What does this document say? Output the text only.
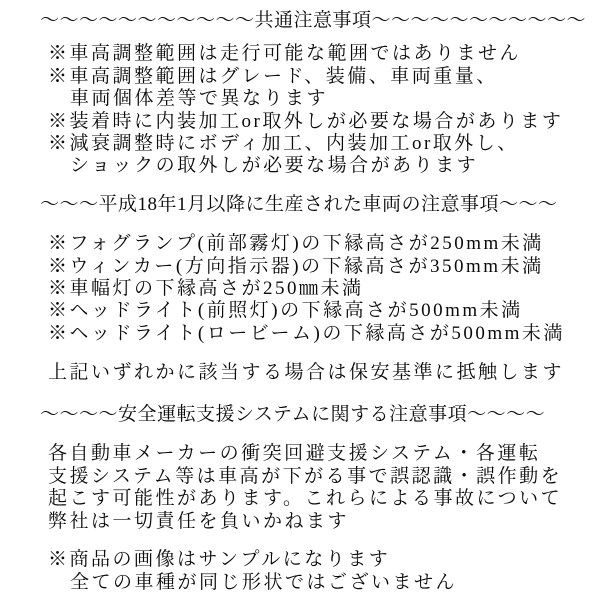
～～～～～～～～～～～共通注意事項～～～～～～～～～～～
※車高調整範囲は走行可能な範囲ではありません
※車高調整範囲はグレード、装備、車両重量、
車両個体差等で異なります
※装着時に内装加工or取外しが必要な場合があります
※減衰調整時にボディ加工、内装加工or取外し、
ショックの取外しが必要な場合があります
～～～平成18年1月以降に生産された車両の注意事項～～～
※フォグランプ(前部霧灯)の下縁高さが250mm未満
※ウィンカー(方向指示器)の下縁高さが350mm未満
※車幅灯の下縁高さが250㎜未満
※ヘッドライト(前照灯)の下縁高さが500mm未満
※ヘッドライト(ロービーム)の下縁高さが500mm未満
上記いずれかに該当する場合は保安基準に抵触します
～～～～安全運転支援システムに関する注意事項～～～～
各自動車メーカーの衝突回避支援システム・各運転
支援システム等は車高が下がる事で誤認識・誤作動を
起こす可能性があります。これらによる事故について
弊社は一切責任を負いかねます
※商品の画像はサンプルになります
全ての車種が同じ形状ではございません
